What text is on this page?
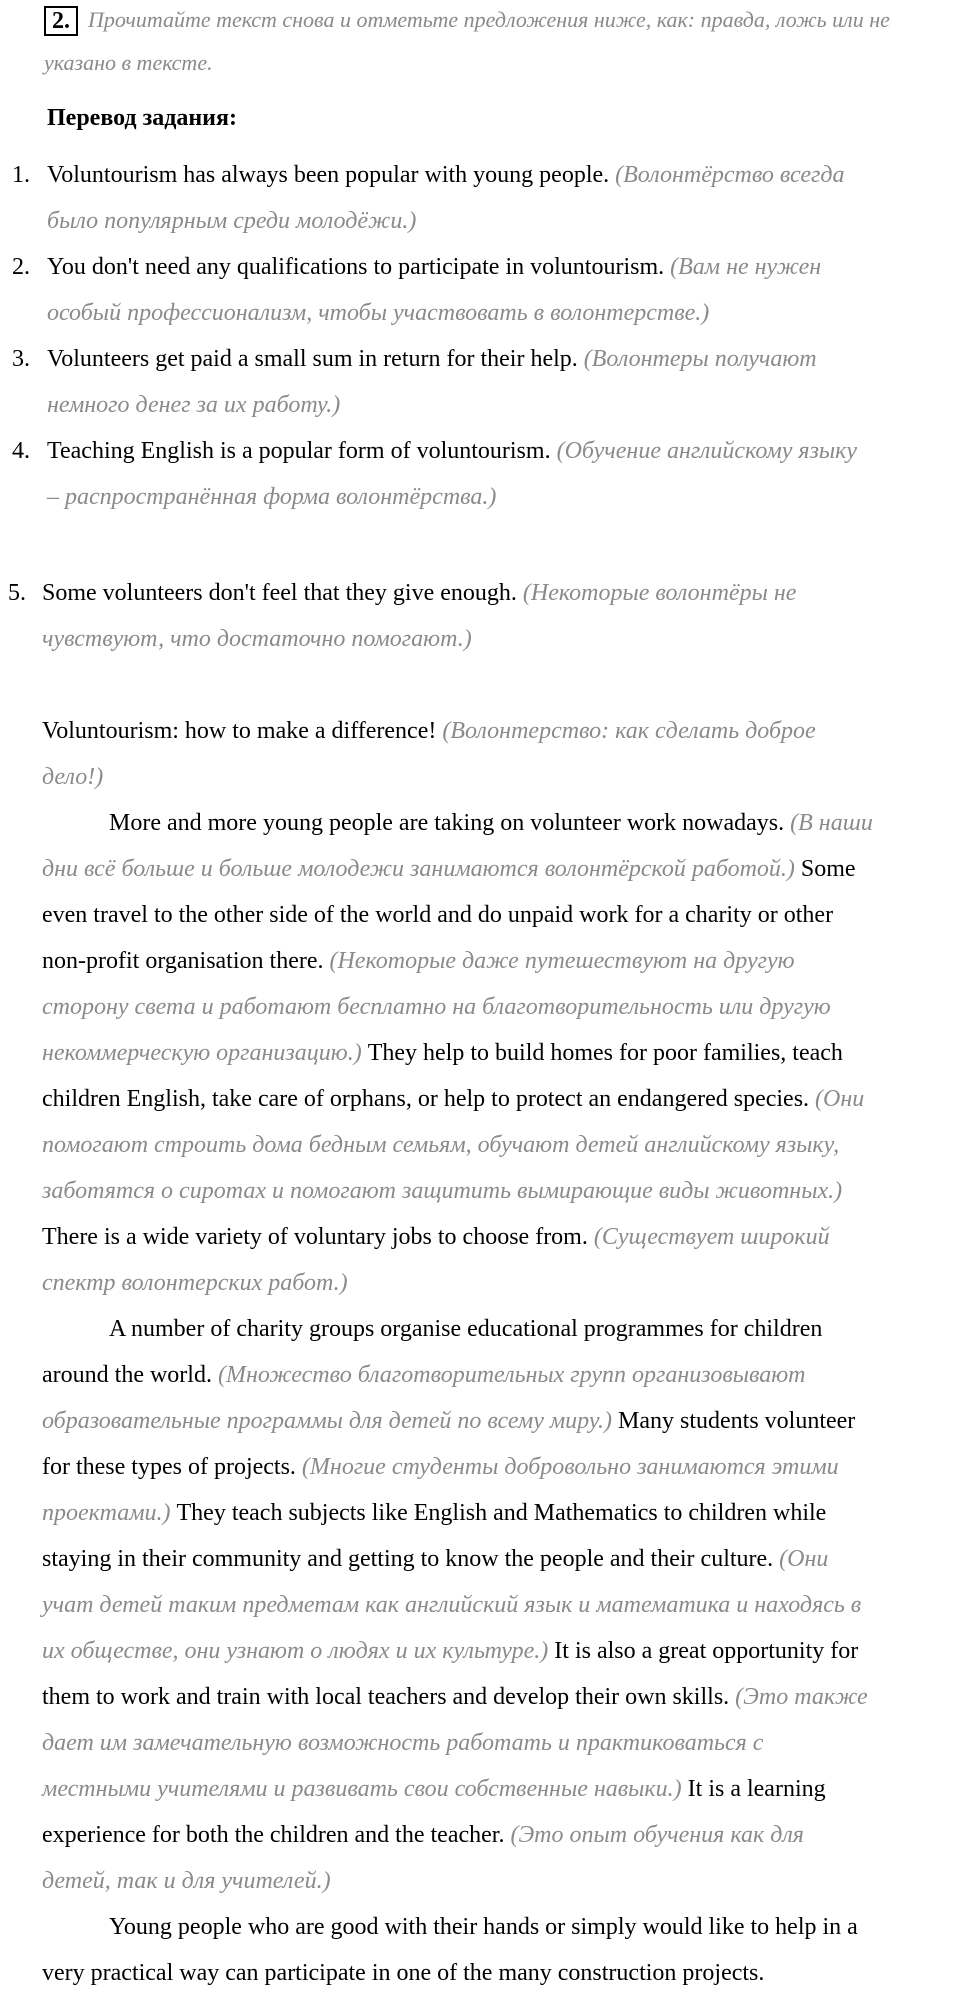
2. Прочитайте текст снова и отметьте предложения ниже, как: правда, ложь или не
указано в тексте.
Перевод задания:
1. Voluntourism has always been popular with young people. (Волонтёрство всегда
было популярным среди молодёжи.)
2. You don't need any qualifications to participate in voluntourism. (Вам не нужен
особый профессионализм, чтобы участвовать в волонтерстве.)
3. Volunteers get paid a small sum in return for their help. (Волонтеры получают
немного денег за их работу.)
4. Teaching English is a popular form of voluntourism. (Обучение английскому языку
– распространённая форма волонтёрства.)
5. Some volunteers don't feel that they give enough. (Некоторые волонтёры не
чувствуют, что достаточно помогают.)
Voluntourism: how to make a difference! (Волонтерство: как сделать доброе
дело!)
More and more young people are taking on volunteer work nowadays. (В наши
дни всё больше и больше молодежи занимаются волонтёрской работой.) Some
even travel to the other side of the world and do unpaid work for a charity or other
non-profit organisation there. (Некоторые даже путешествуют на другую
сторону света и работают бесплатно на благотворительность или другую
некоммерческую организацию.) They help to build homes for poor families, teach
children English, take care of orphans, or help to protect an endangered species. (Они
помогают строить дома бедным семьям, обучают детей английскому языку,
заботятся о сиротах и помогают защитить вымирающие виды животных.)
There is a wide variety of voluntary jobs to choose from. (Существует широкий
спектр волонтерских работ.)
A number of charity groups organise educational programmes for children
around the world. (Множество благотворительных групп организовывают
образовательные программы для детей по всему миру.) Many students volunteer
for these types of projects. (Многие студенты добровольно занимаются этими
проектами.) They teach subjects like English and Mathematics to children while
staying in their community and getting to know the people and their culture. (Они
учат детей таким предметам как английский язык и математика и находясь в
их обществе, они узнают о людях и их культуре.) It is also a great opportunity for
them to work and train with local teachers and develop their own skills. (Это также
дает им замечательную возможность работать и практиковаться с
местными учителями и развивать свои собственные навыки.) It is a learning
experience for both the children and the teacher. (Это опыт обучения как для
детей, так и для учителей.)
Young people who are good with their hands or simply would like to help in a
very practical way can participate in one of the many construction projects.
